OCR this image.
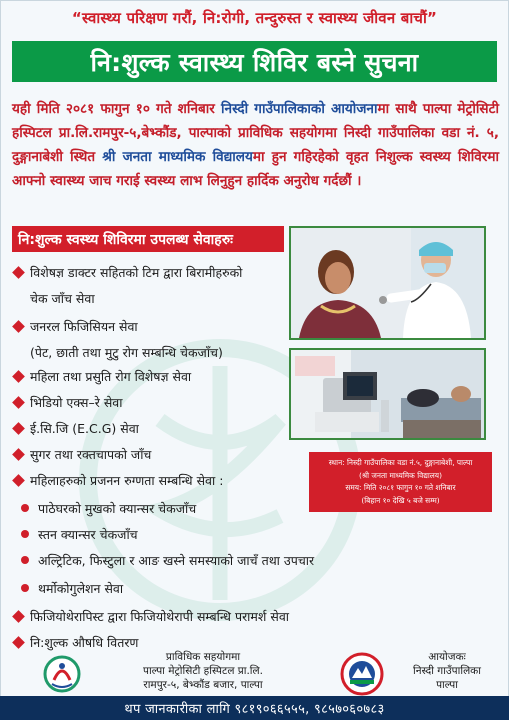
“स्वास्थ्य परिक्षण गरौं, नि:रोगी, तन्दुरुस्त र स्वास्थ्य जीवन बाचौं”
नि:शुल्क स्वास्थ्य शिविर बस्ने सुचना
यही मिति २०८१ फागुन १० गते शनिबार निस्दी गाउँपालिकाको आयोजनामा साथै पाल्पा मेट्रोसिटी हस्पिटल प्रा.लि.रामपुर-५,बेभ्कौंड, पाल्पाको प्राविधिक सहयोगमा निस्दी गाउँपालिका वडा नं. ५, दुङ्गानाबेशी स्थित श्री जनता माध्यमिक विद्यालयमा हुन गहिरहेको वृहत निशुल्क स्वस्थ्य शिविरमा आफ्नो स्वास्थ्य जाच गराई स्वस्थ्य लाभ लिनुहुन हार्दिक अनुरोध गर्दछौं ।
नि:शुल्क स्वस्थ्य शिविरमा उपलब्ध सेवाहरुः
विशेषज्ञ डाक्टर सहितको टिम द्वारा बिरामीहरुको
चेक जाँच सेवा
जनरल फिजिसियन सेवा
(पेट, छाती तथा मुटु रोग सम्बन्धि चेकजाँच)
महिला तथा प्रसुति रोग विशेषज्ञ सेवा
भिडियो एक्स–रे सेवा
ई.सि.जि (E.C.G) सेवा
सुगर तथा रक्तचापको जाँच
महिलाहरुको प्रजनन रुग्णता सम्बन्धि सेवा :
पाठेघरको मुखको क्यान्सर चेकजाँच
स्तन क्यान्सर चेकजाँच
अल्ट्रिटिक, फिस्टुला र आङ खस्ने समस्याको जाचँ तथा उपचार
थर्मोकोगुलेशन सेवा
फिजियोथेरापिस्ट द्वारा फिजियोथेरापी सम्बन्धि परामर्श सेवा
नि:शुल्क औषधि वितरण
स्थान: निस्दी गाउँपालिका वडा नं.५, दुङ्गानाबेशी, पाल्पा
(श्री जनता माध्यमिक विद्यालय)
समय: मिति २०८१ फागुन १० गते शनिबार
(बिहान १० देखि ५ बजे सम्म)
प्राविधिक सहयोगमा
पाल्पा मेट्रोसिटी हस्पिटल प्रा.लि.
रामपुर-५, बेभ्कौंड बजार, पाल्पा
आयोजकः
निस्दी गाउँपालिका
पाल्पा
थप जानकारीका लागि ९८१९०६६५५५, ९८५७०६०७८३
